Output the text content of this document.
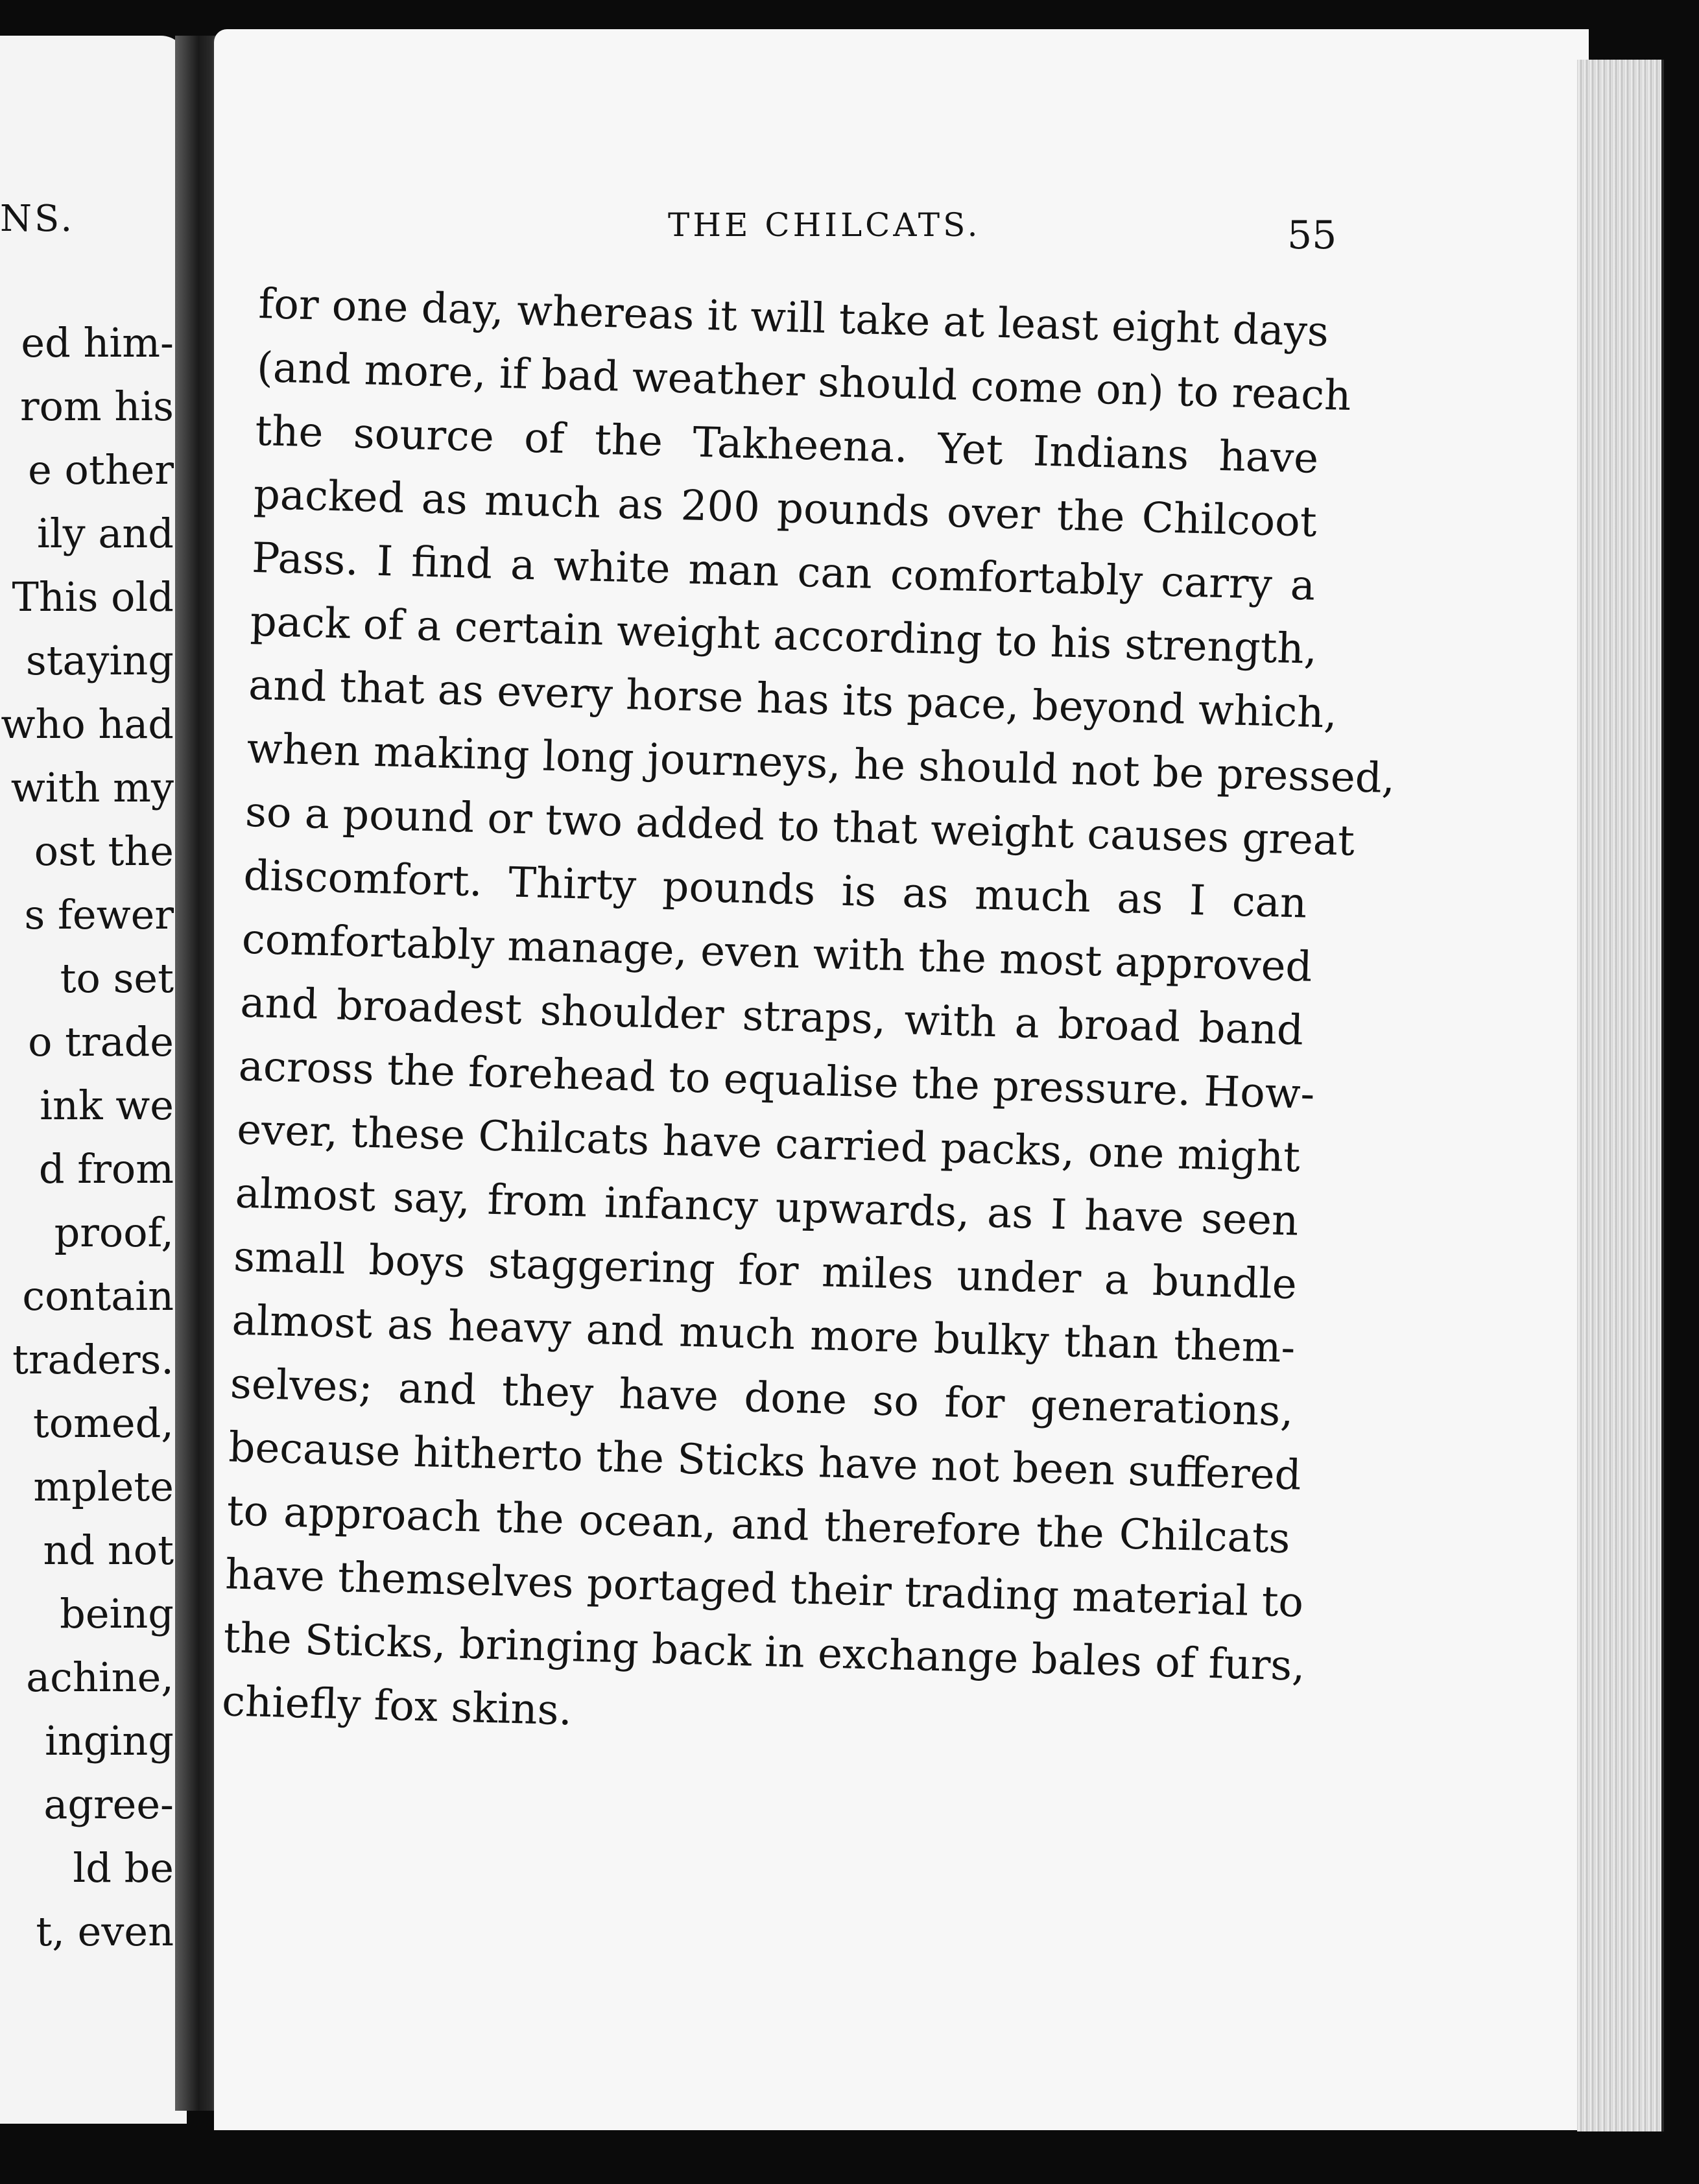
NS.
ed him-
rom his
e other
ily and
This old
staying
who had
with my
ost the
s fewer
to set
o trade
ink we
d from
proof,
contain
traders.
tomed,
mplete
nd not
being
achine,
inging
agree-
ld be
t, even
THE CHILCATS.	55
for one day, whereas it will take at least eight days
(and more, if bad weather should come on) to reach
the source of the Takheena. Yet Indians have
packed as much as 200 pounds over the Chilcoot
Pass. I find a white man can comfortably carry a
pack of a certain weight according to his strength,
and that as every horse has its pace, beyond which,
when making long journeys, he should not be pressed,
so a pound or two added to that weight causes great
discomfort. Thirty pounds is as much as I can
comfortably manage, even with the most approved
and broadest shoulder straps, with a broad band
across the forehead to equalise the pressure. How-
ever, these Chilcats have carried packs, one might
almost say, from infancy upwards, as I have seen
small boys staggering for miles under a bundle
almost as heavy and much more bulky than them-
selves; and they have done so for generations,
because hitherto the Sticks have not been suffered
to approach the ocean, and therefore the Chilcats
have themselves portaged their trading material to
the Sticks, bringing back in exchange bales of furs,
chiefly fox skins.
